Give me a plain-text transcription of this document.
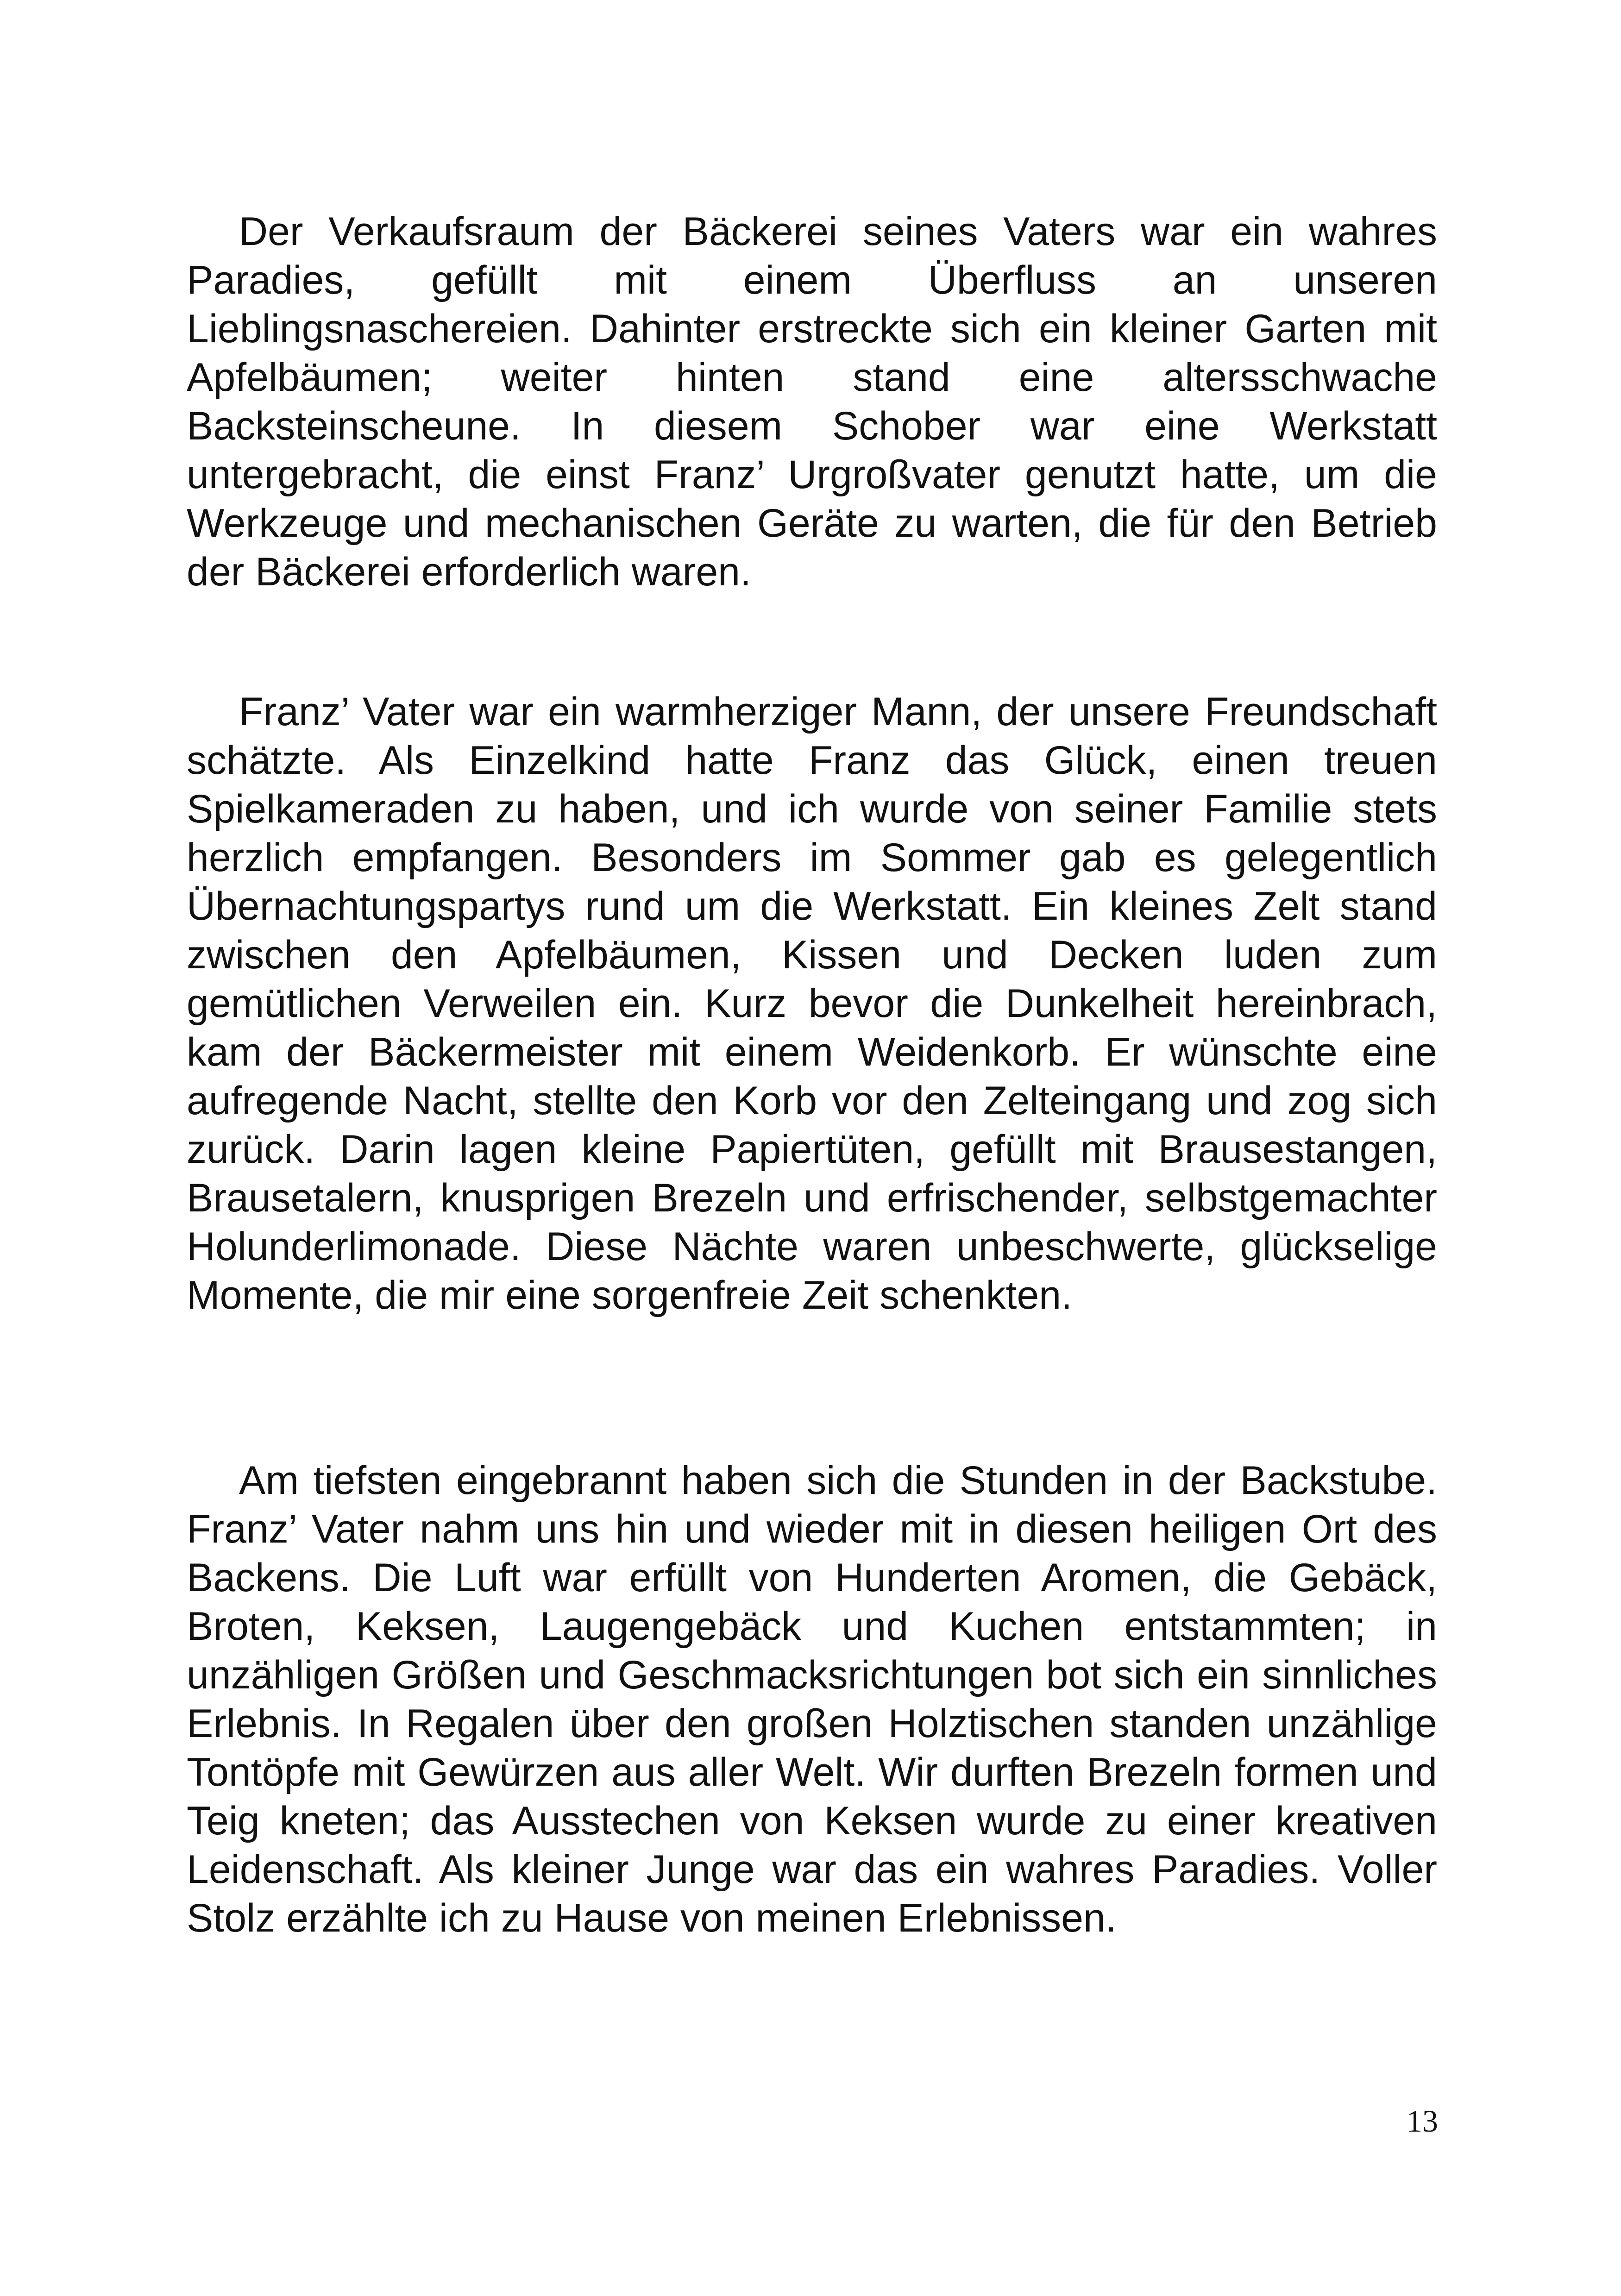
Der Verkaufsraum der Bäckerei seines Vaters war ein wahres Paradies, gefüllt mit einem Überfluss an unseren Lieblingsnaschereien. Dahinter erstreckte sich ein kleiner Garten mit Apfelbäumen; weiter hinten stand eine altersschwache Backsteinscheune. In diesem Schober war eine Werkstatt untergebracht, die einst Franz’ Urgroßvater genutzt hatte, um die Werkzeuge und mechanischen Geräte zu warten, die für den Betrieb der Bäckerei erforderlich waren.

Franz’ Vater war ein warmherziger Mann, der unsere Freundschaft schätzte. Als Einzelkind hatte Franz das Glück, einen treuen Spielkameraden zu haben, und ich wurde von seiner Familie stets herzlich empfangen. Besonders im Sommer gab es gelegentlich Übernachtungspartys rund um die Werkstatt. Ein kleines Zelt stand zwischen den Apfelbäumen, Kissen und Decken luden zum gemütlichen Verweilen ein. Kurz bevor die Dunkelheit hereinbrach, kam der Bäckermeister mit einem Weidenkorb. Er wünschte eine aufregende Nacht, stellte den Korb vor den Zelteingang und zog sich zurück. Darin lagen kleine Papiertüten, gefüllt mit Brausestangen, Brausetalern, knusprigen Brezeln und erfrischender, selbstgemachter Holunderlimonade. Diese Nächte waren unbeschwerte, glückselige Momente, die mir eine sorgenfreie Zeit schenkten.

Am tiefsten eingebrannt haben sich die Stunden in der Backstube. Franz’ Vater nahm uns hin und wieder mit in diesen heiligen Ort des Backens. Die Luft war erfüllt von Hunderten Aromen, die Gebäck, Broten, Keksen, Laugengebäck und Kuchen entstammten; in unzähligen Größen und Geschmacksrichtungen bot sich ein sinnliches Erlebnis. In Regalen über den großen Holztischen standen unzählige Tontöpfe mit Gewürzen aus aller Welt. Wir durften Brezeln formen und Teig kneten; das Ausstechen von Keksen wurde zu einer kreativen Leidenschaft. Als kleiner Junge war das ein wahres Paradies. Voller Stolz erzählte ich zu Hause von meinen Erlebnissen.

13
